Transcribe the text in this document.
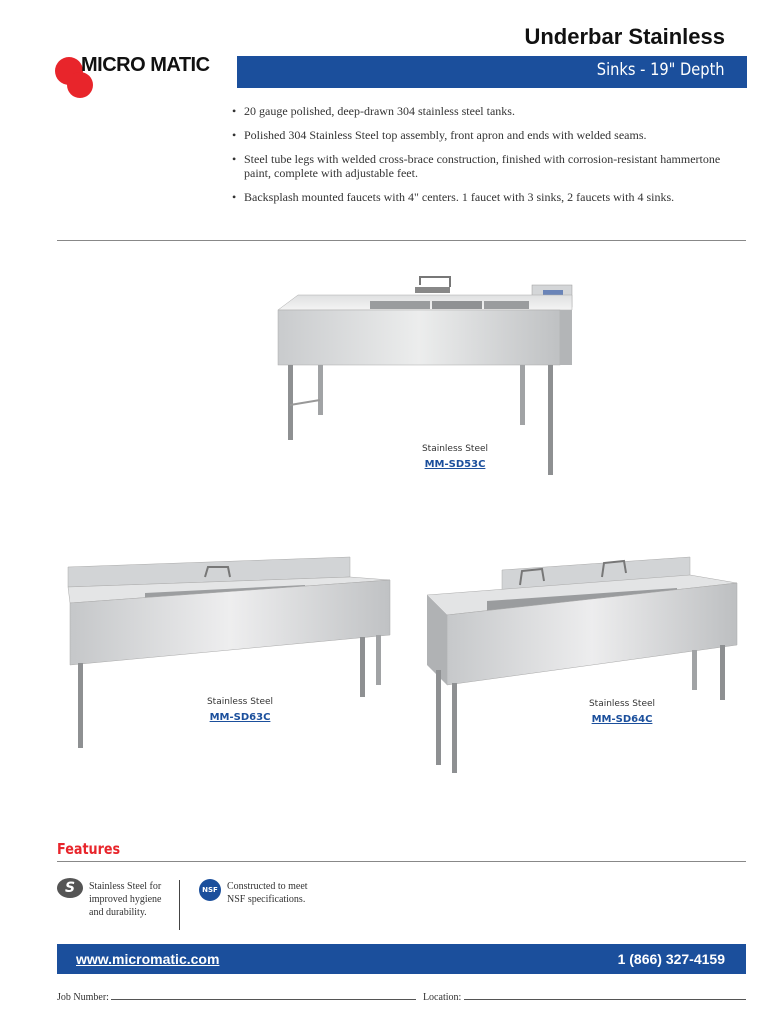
MICRO MATIC
Underbar Stainless
Sinks - 19" Depth
• 20 gauge polished, deep-drawn 304 stainless steel tanks.
• Polished 304 Stainless Steel top assembly, front apron and ends with welded seams.
• Steel tube legs with welded cross-brace construction, finished with corrosion-resistant hammertone paint, complete with adjustable feet.
• Backsplash mounted faucets with 4" centers. 1 faucet with 3 sinks, 2 faucets with 4 sinks.
Stainless Steel
MM-SD53C
Stainless Steel
MM-SD63C
Stainless Steel
MM-SD64C
Features
S	Stainless Steel for improved hygiene and durability.
NSF Constructed to meet NSF specifications.
www.micromatic.com	1 (866) 327-4159
Job Number:	Location:
